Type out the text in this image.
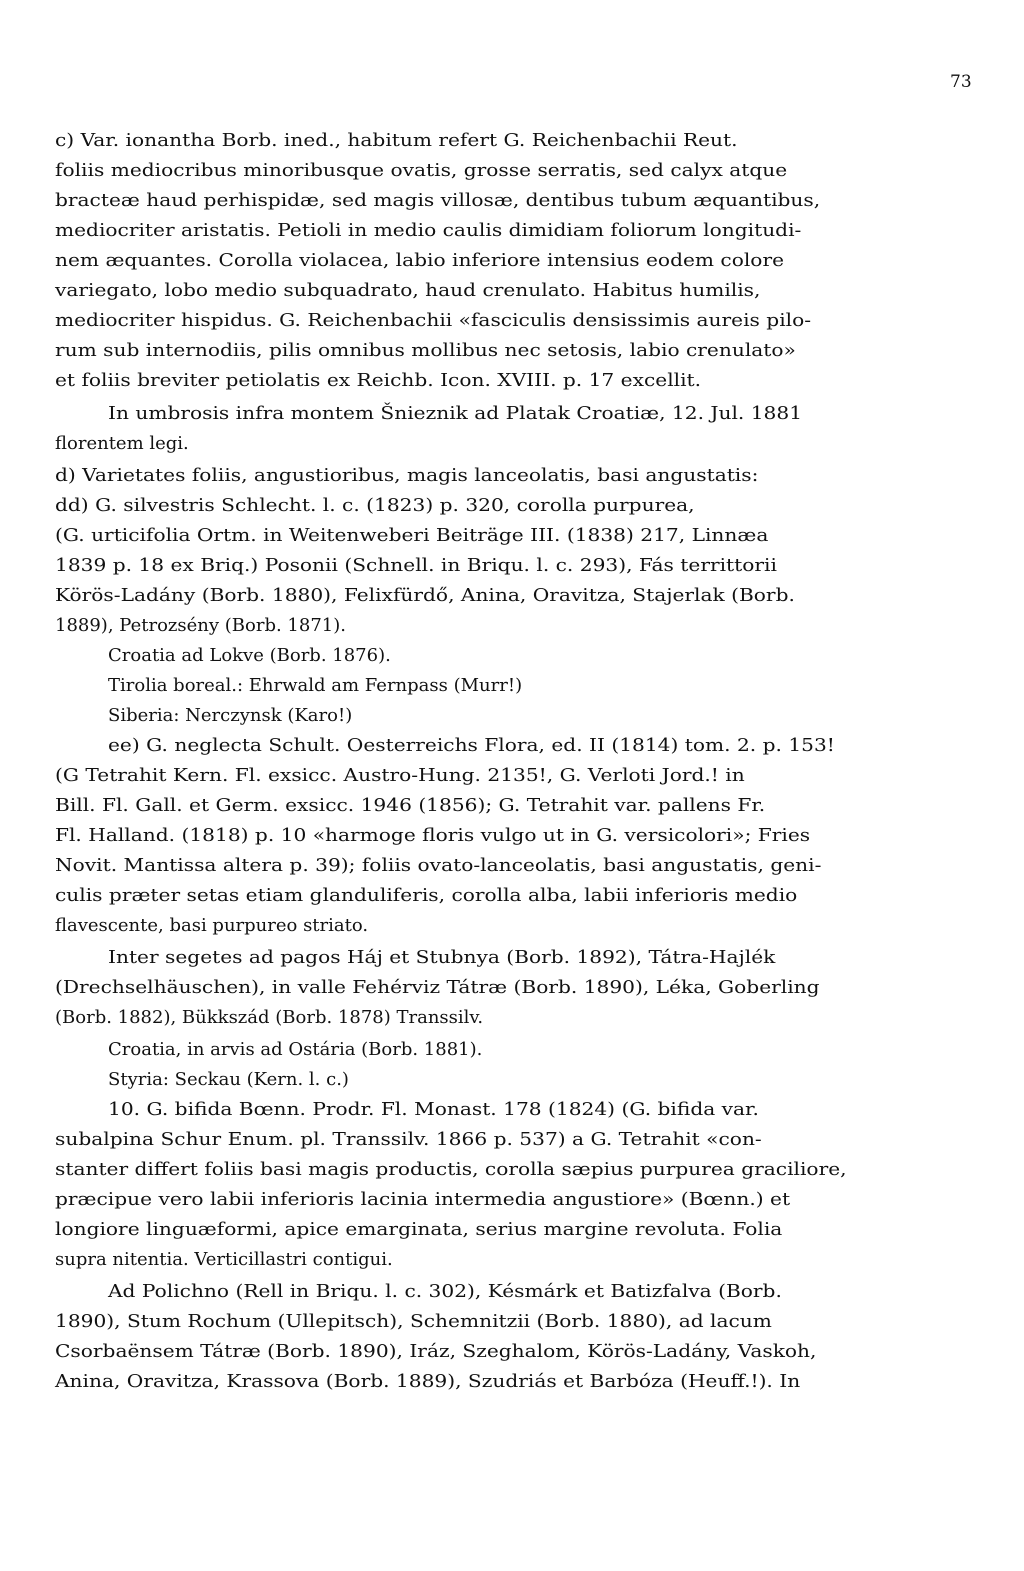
73
c) Var. ionantha Borb. ined., habitum refert G. Reichenbachii Reut.
foliis mediocribus minoribusque ovatis, grosse serratis, sed calyx atque
bracteæ haud perhispidæ, sed magis villosæ, dentibus tubum æquantibus,
mediocriter aristatis. Petioli in medio caulis dimidiam foliorum longitudi-
nem æquantes. Corolla violacea, labio inferiore intensius eodem colore
variegato, lobo medio subquadrato, haud crenulato. Habitus humilis,
mediocriter hispidus. G. Reichenbachii «fasciculis densissimis aureis pilo-
rum sub internodiis, pilis omnibus mollibus nec setosis, labio crenulato»
et foliis breviter petiolatis ex Reichb. Icon. XVIII. p. 17 excellit.
In umbrosis infra montem Šnieznik ad Platak Croatiæ, 12. Jul. 1881
florentem legi.
d) Varietates foliis, angustioribus, magis lanceolatis, basi angustatis:
dd) G. silvestris Schlecht. l. c. (1823) p. 320, corolla purpurea,
(G. urticifolia Ortm. in Weitenweberi Beiträge III. (1838) 217, Linnæa
1839 p. 18 ex Briq.) Posonii (Schnell. in Briqu. l. c. 293), Fás territtorii
Körös-Ladány (Borb. 1880), Felixfürdő, Anina, Oravitza, Stajerlak (Borb.
1889), Petrozsény (Borb. 1871).
Croatia ad Lokve (Borb. 1876).
Tirolia boreal.: Ehrwald am Fernpass (Murr!)
Siberia: Nerczynsk (Karo!)
ee) G. neglecta Schult. Oesterreichs Flora, ed. II (1814) tom. 2. p. 153!
(G Tetrahit Kern. Fl. exsicc. Austro-Hung. 2135!, G. Verloti Jord.! in
Bill. Fl. Gall. et Germ. exsicc. 1946 (1856); G. Tetrahit var. pallens Fr.
Fl. Halland. (1818) p. 10 «harmoge floris vulgo ut in G. versicolori»; Fries
Novit. Mantissa altera p. 39); foliis ovato-lanceolatis, basi angustatis, geni-
culis præter setas etiam glanduliferis, corolla alba, labii inferioris medio
flavescente, basi purpureo striato.
Inter segetes ad pagos Háj et Stubnya (Borb. 1892), Tátra-Hajlék
(Drechselhäuschen), in valle Fehérviz Tátræ (Borb. 1890), Léka, Goberling
(Borb. 1882), Bükkszád (Borb. 1878) Transsilv.
Croatia, in arvis ad Ostária (Borb. 1881).
Styria: Seckau (Kern. l. c.)
10. G. bifida Bœnn. Prodr. Fl. Monast. 178 (1824) (G. bifida var.
subalpina Schur Enum. pl. Transsilv. 1866 p. 537) a G. Tetrahit «con-
stanter differt foliis basi magis productis, corolla sæpius purpurea graciliore,
præcipue vero labii inferioris lacinia intermedia angustiore» (Bœnn.) et
longiore linguæformi, apice emarginata, serius margine revoluta. Folia
supra nitentia. Verticillastri contigui.
Ad Polichno (Rell in Briqu. l. c. 302), Késmárk et Batizfalva (Borb.
1890), Stum Rochum (Ullepitsch), Schemnitzii (Borb. 1880), ad lacum
Csorbaënsem Tátræ (Borb. 1890), Iráz, Szeghalom, Körös-Ladány, Vaskoh,
Anina, Oravitza, Krassova (Borb. 1889), Szudriás et Barbóza (Heuff.!). In
